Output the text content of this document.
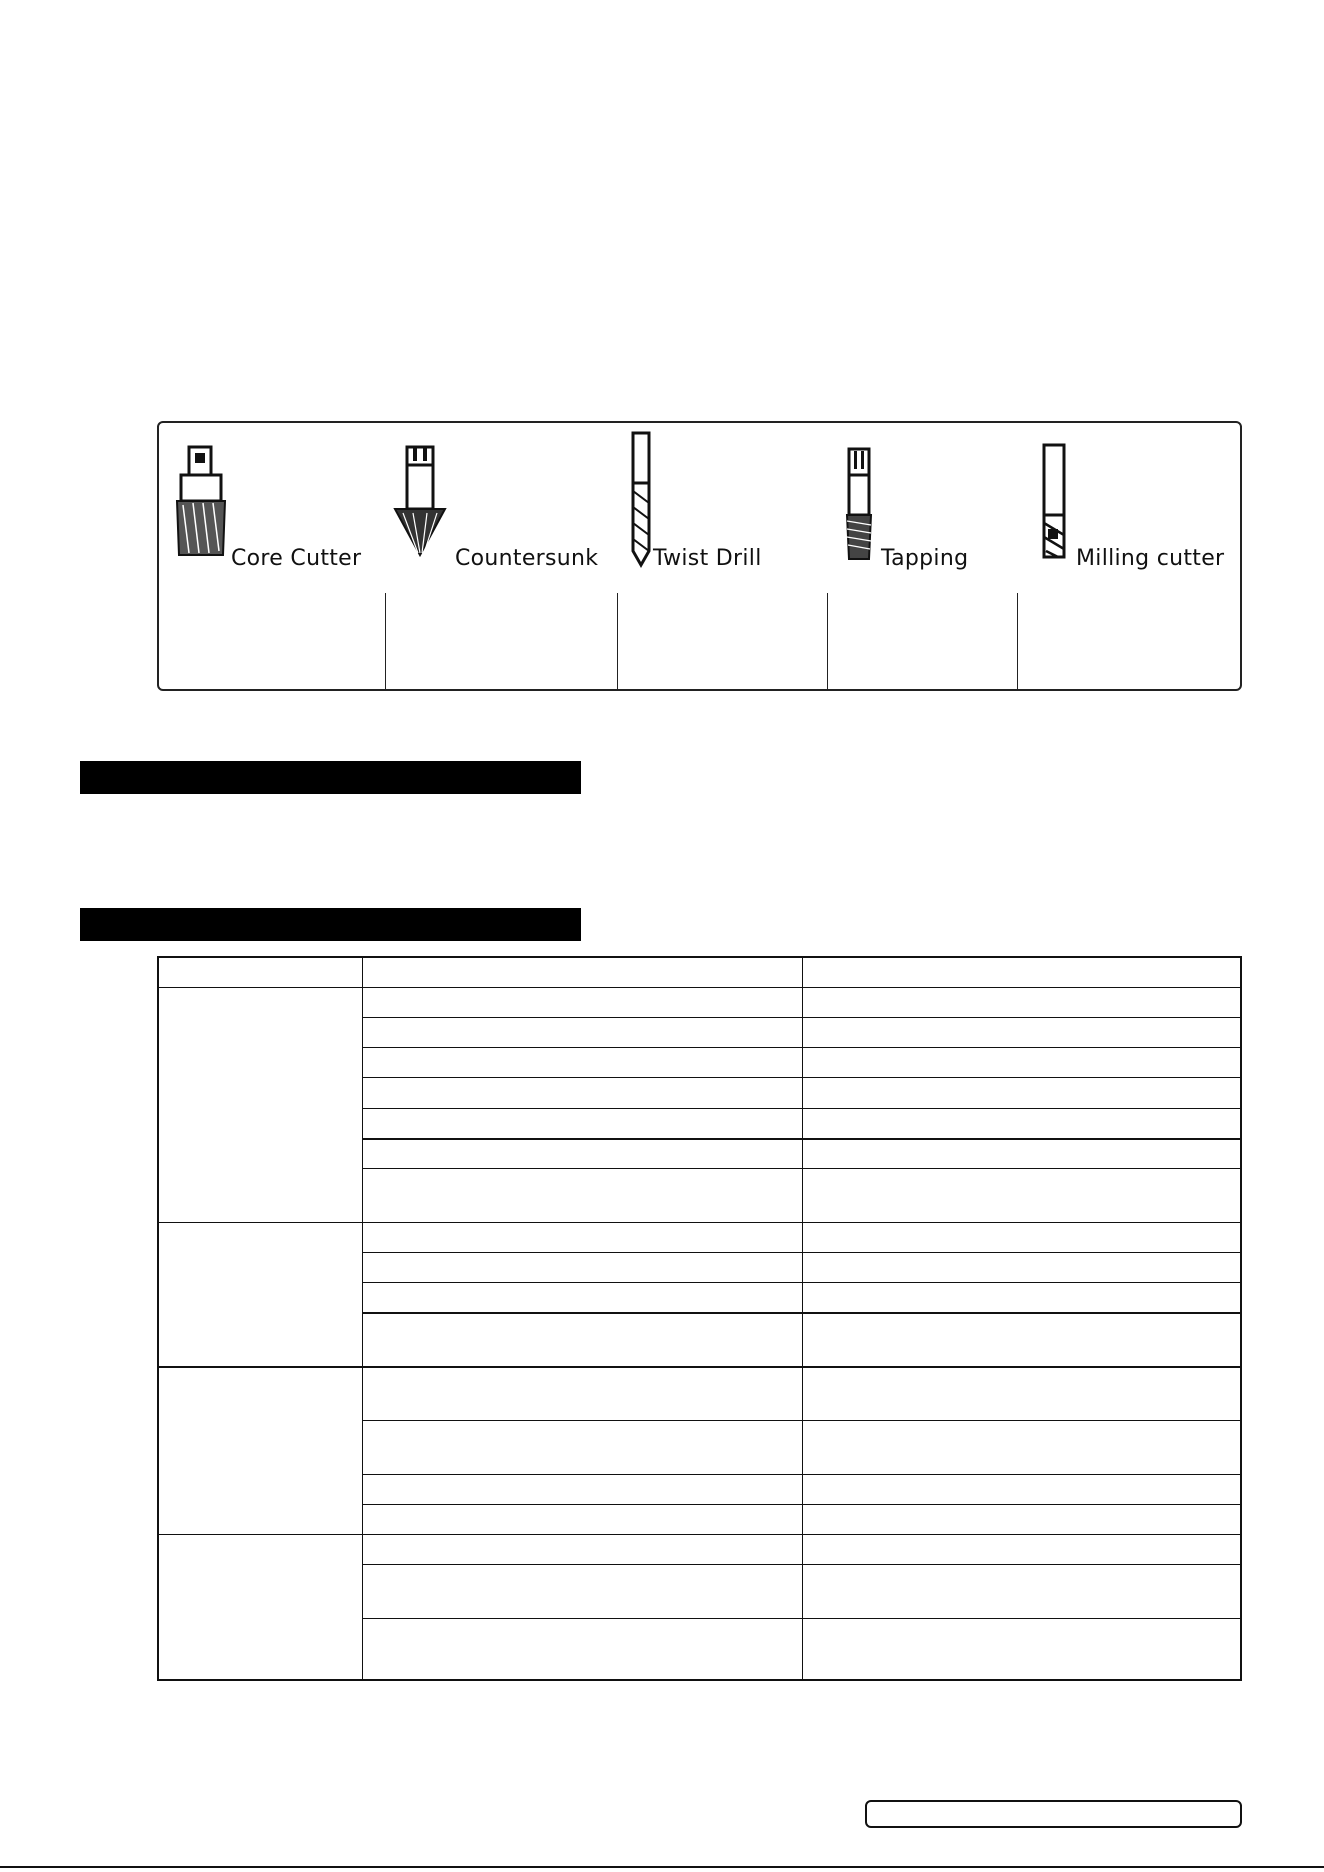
Core Cutter	Countersunk Twist Drill	Tapping	Milling cutter
